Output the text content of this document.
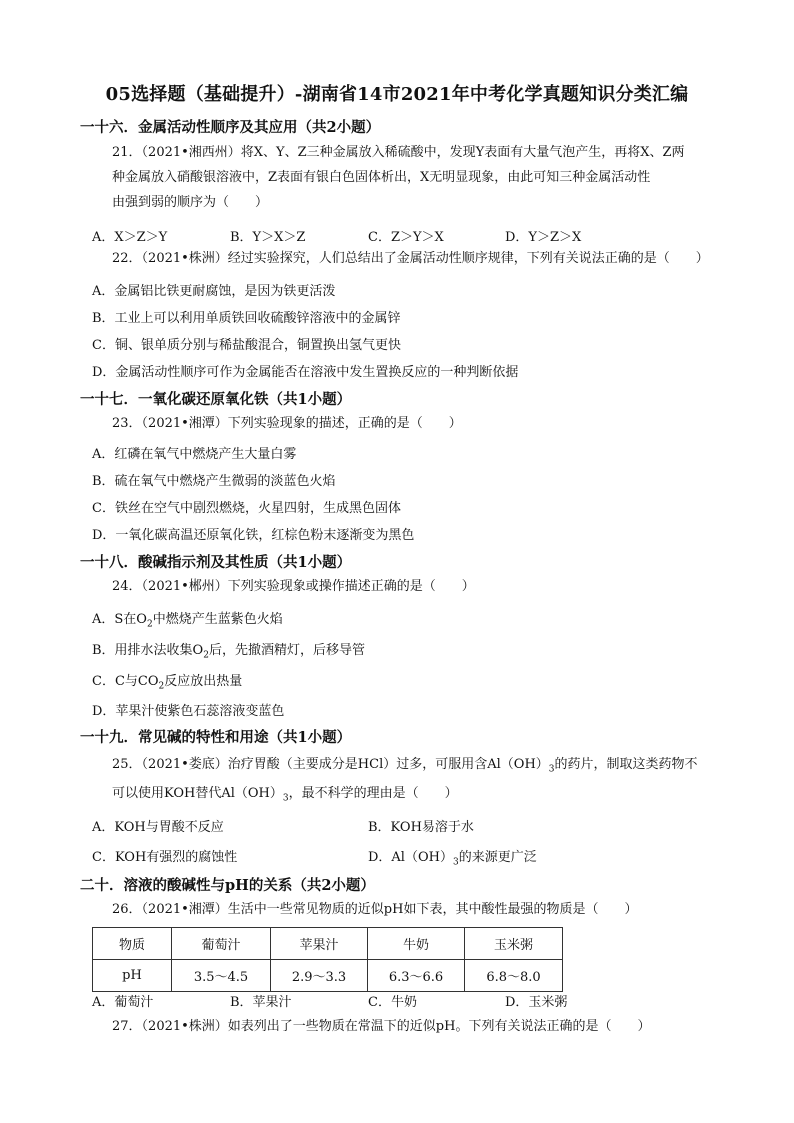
05选择题（基础提升）-湖南省14市2021年中考化学真题知识分类汇编
一十六．金属活动性顺序及其应用（共2小题）
21．（2021•湘西州）将X、Y、Z三种金属放入稀硫酸中，发现Y表面有大量气泡产生，再将X、Z两
种金属放入硝酸银溶液中，Z表面有银白色固体析出，X无明显现象，由此可知三种金属活动性
由强到弱的顺序为（　　）
A．X＞Z＞Y	B．Y＞X＞Z	C．Z＞Y＞X	D．Y＞Z＞X
22．（2021•株洲）经过实验探究，人们总结出了金属活动性顺序规律，下列有关说法正确的是（　　）
A．金属铝比铁更耐腐蚀，是因为铁更活泼
B．工业上可以利用单质铁回收硫酸锌溶液中的金属锌
C．铜、银单质分别与稀盐酸混合，铜置换出氢气更快
D．金属活动性顺序可作为金属能否在溶液中发生置换反应的一种判断依据
一十七．一氧化碳还原氧化铁（共1小题）
23．（2021•湘潭）下列实验现象的描述，正确的是（　　）
A．红磷在氧气中燃烧产生大量白雾
B．硫在氧气中燃烧产生微弱的淡蓝色火焰
C．铁丝在空气中剧烈燃烧，火星四射，生成黑色固体
D．一氧化碳高温还原氧化铁，红棕色粉末逐渐变为黑色
一十八．酸碱指示剂及其性质（共1小题）
24．（2021•郴州）下列实验现象或操作描述正确的是（　　）
A．S在$O_2$中燃烧产生蓝紫色火焰
B．用排水法收集$O_2$后，先撤酒精灯，后移导管
C．C与$CO_2$反应放出热量
D．苹果汁使紫色石蕊溶液变蓝色
一十九．常见碱的特性和用途（共1小题）
25．（2021•娄底）治疗胃酸（主要成分是HCl）过多，可服用含$Al(OH)_3$的药片，制取这类药物不
可以使用KOH替代$Al(OH)_3$，最不科学的理由是（　　）
A．KOH与胃酸不反应	B．KOH易溶于水
C．KOH有强烈的腐蚀性	D．$Al(OH)_3$的来源更广泛
二十．溶液的酸碱性与pH的关系（共2小题）
26．（2021•湘潭）生活中一些常见物质的近似pH如下表，其中酸性最强的物质是（　　）
物质	葡萄汁	苹果汁	牛奶	玉米粥
pH	3.5～4.5	2.9～3.3	6.3～6.6	6.8～8.0
A．葡萄汁	B．苹果汁	C．牛奶	D．玉米粥
27．（2021•株洲）如表列出了一些物质在常温下的近似pH。下列有关说法正确的是（　　）
